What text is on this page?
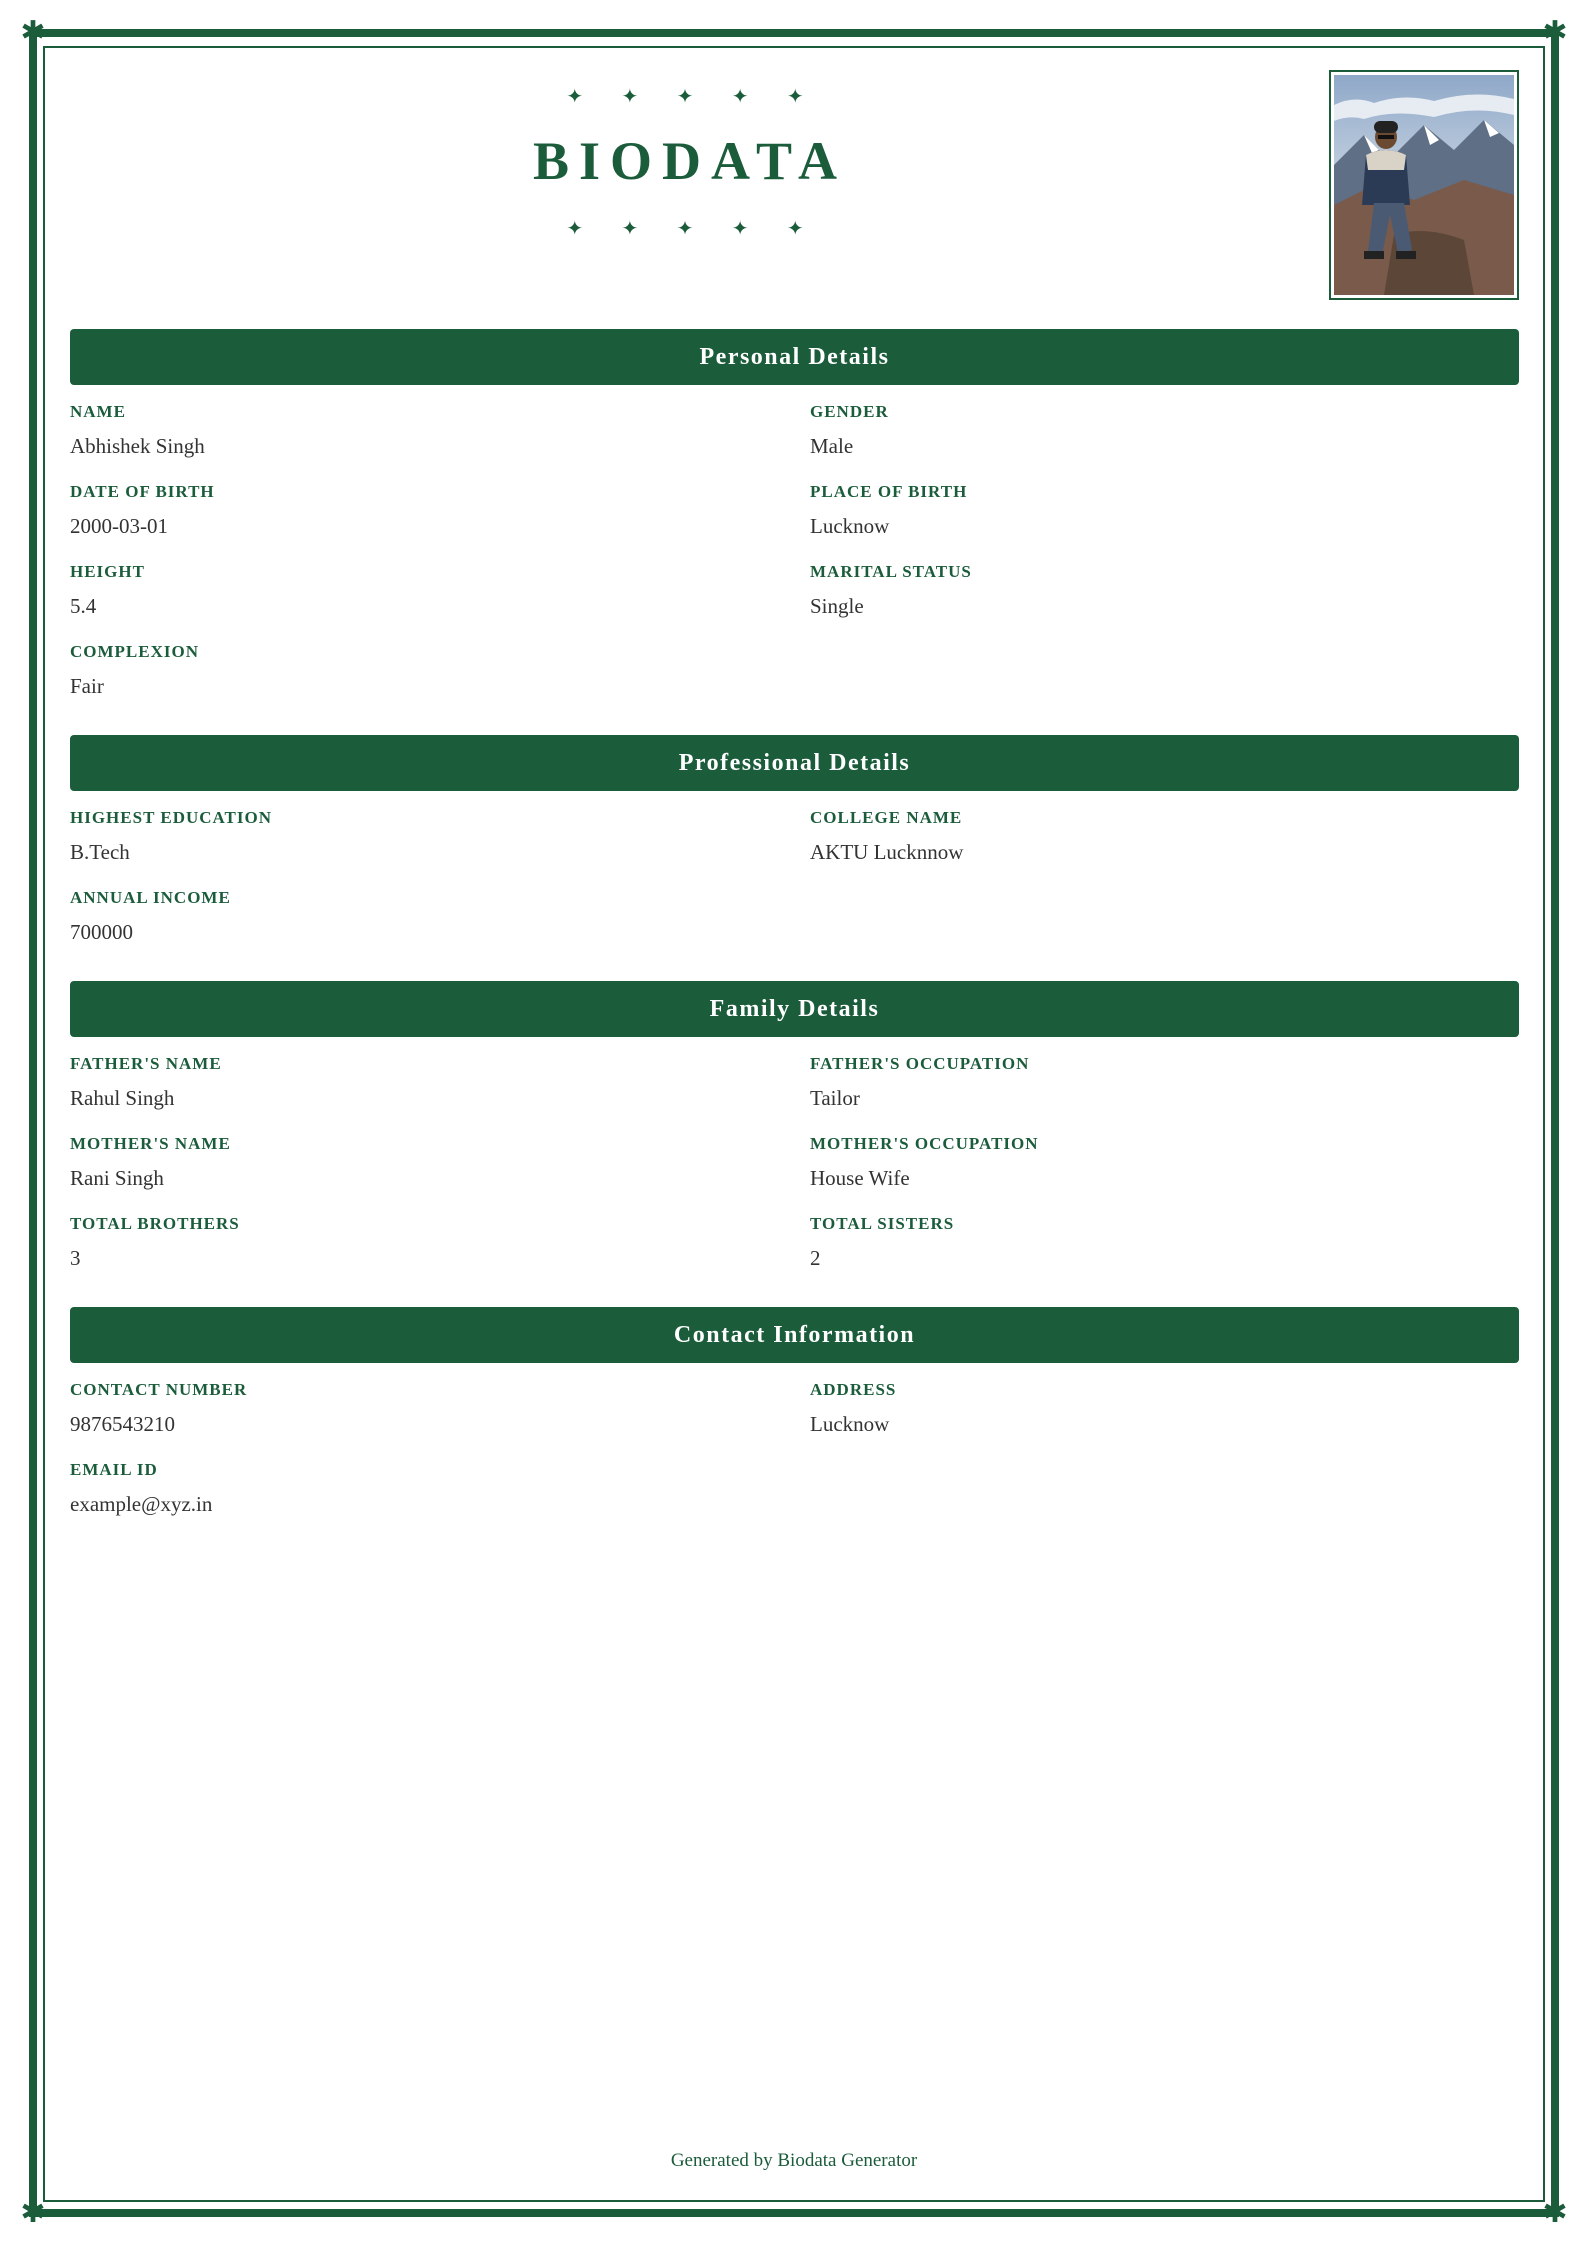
✱	✱
✱	✱
✦ ✦ ✦ ✦ ✦
BIODATA
✦ ✦ ✦ ✦ ✦
Personal Details
NAME
Abhishek Singh
GENDER
Male
DATE OF BIRTH
2000-03-01
PLACE OF BIRTH
Lucknow
HEIGHT
5.4
MARITAL STATUS
Single
COMPLEXION
Fair
Professional Details
HIGHEST EDUCATION
B.Tech
COLLEGE NAME
AKTU Lucknnow
ANNUAL INCOME
700000
Family Details
FATHER'S NAME
Rahul Singh
FATHER'S OCCUPATION
Tailor
MOTHER'S NAME
Rani Singh
MOTHER'S OCCUPATION
House Wife
TOTAL BROTHERS
3
TOTAL SISTERS
2
Contact Information
CONTACT NUMBER
9876543210
ADDRESS
Lucknow
EMAIL ID
example@xyz.in
Generated by Biodata Generator
